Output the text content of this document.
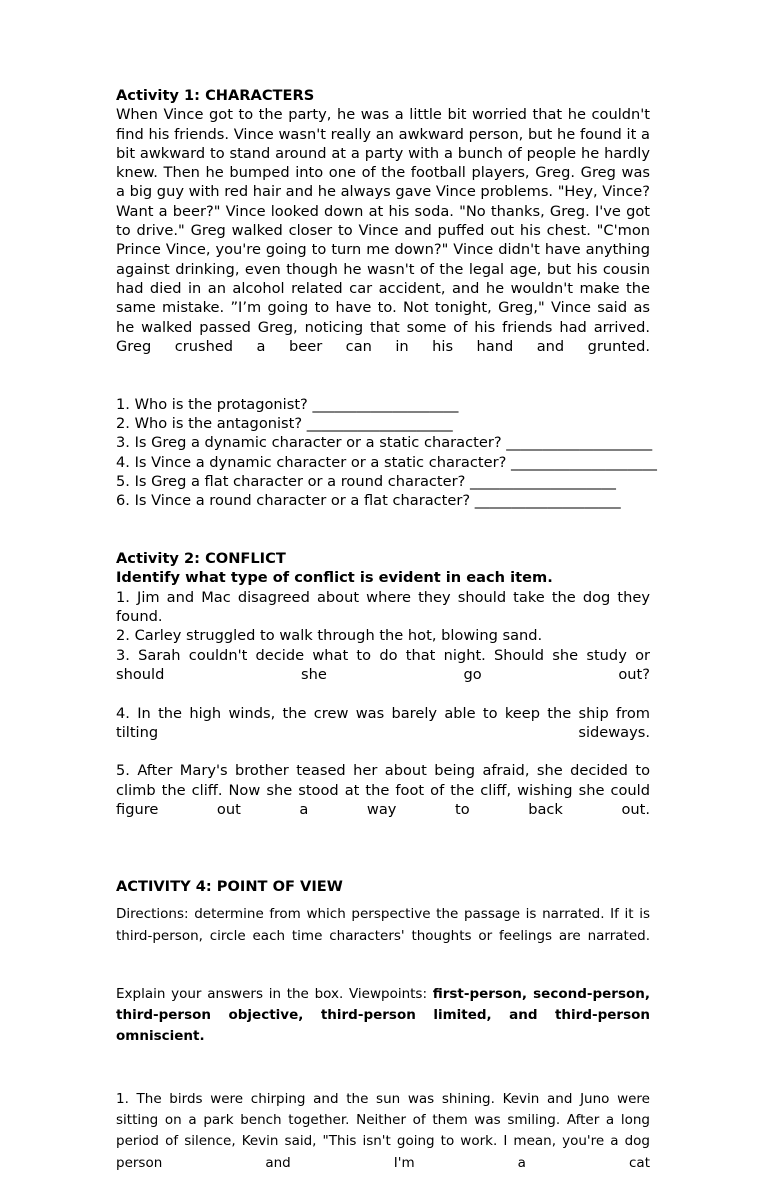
Activity 1: CHARACTERS

When Vince got to the party, he was a little bit worried that he couldn't find his friends. Vince wasn't really an awkward person, but he found it a bit awkward to stand around at a party with a bunch of people he hardly knew. Then he bumped into one of the football players, Greg. Greg was a big guy with red hair and he always gave Vince problems. "Hey, Vince? Want a beer?" Vince looked down at his soda. "No thanks, Greg. I've got to drive." Greg walked closer to Vince and puffed out his chest. "C'mon Prince Vince, you're going to turn me down?" Vince didn't have anything against drinking, even though he wasn't of the legal age, but his cousin had died in an alcohol related car accident, and he wouldn't make the same mistake. ”I’m going to have to. Not tonight, Greg," Vince said as he walked passed Greg, noticing that some of his friends had arrived. Greg crushed a beer can in his hand and grunted.

1. Who is the protagonist? ____________________

2. Who is the antagonist? ____________________

3. Is Greg a dynamic character or a static character? ____________________

4. Is Vince a dynamic character or a static character? ____________________

5. Is Greg a flat character or a round character? ____________________

6. Is Vince a round character or a flat character? ____________________

Activity 2: CONFLICT

Identify what type of conflict is evident in each item.

1. Jim and Mac disagreed about where they should take the dog they found.

2. Carley struggled to walk through the hot, blowing sand.

3. Sarah couldn't decide what to do that night. Should she study or should she go out?

4. In the high winds, the crew was barely able to keep the ship from tilting sideways.

5. After Mary's brother teased her about being afraid, she decided to climb the cliff. Now she stood at the foot of the cliff, wishing she could figure out a way to back out.

ACTIVITY 4: POINT OF VIEW

Directions: determine from which perspective the passage is narrated. If it is third-person, circle each time characters' thoughts or feelings are narrated.

Explain your answers in the box. Viewpoints: first-person, second-person, third-person objective, third-person limited, and third-person omniscient.

1. The birds were chirping and the sun was shining. Kevin and Juno were sitting on a park bench together. Neither of them was smiling. After a long period of silence, Kevin said, "This isn't going to work. I mean, you're a dog person and I'm a cat
